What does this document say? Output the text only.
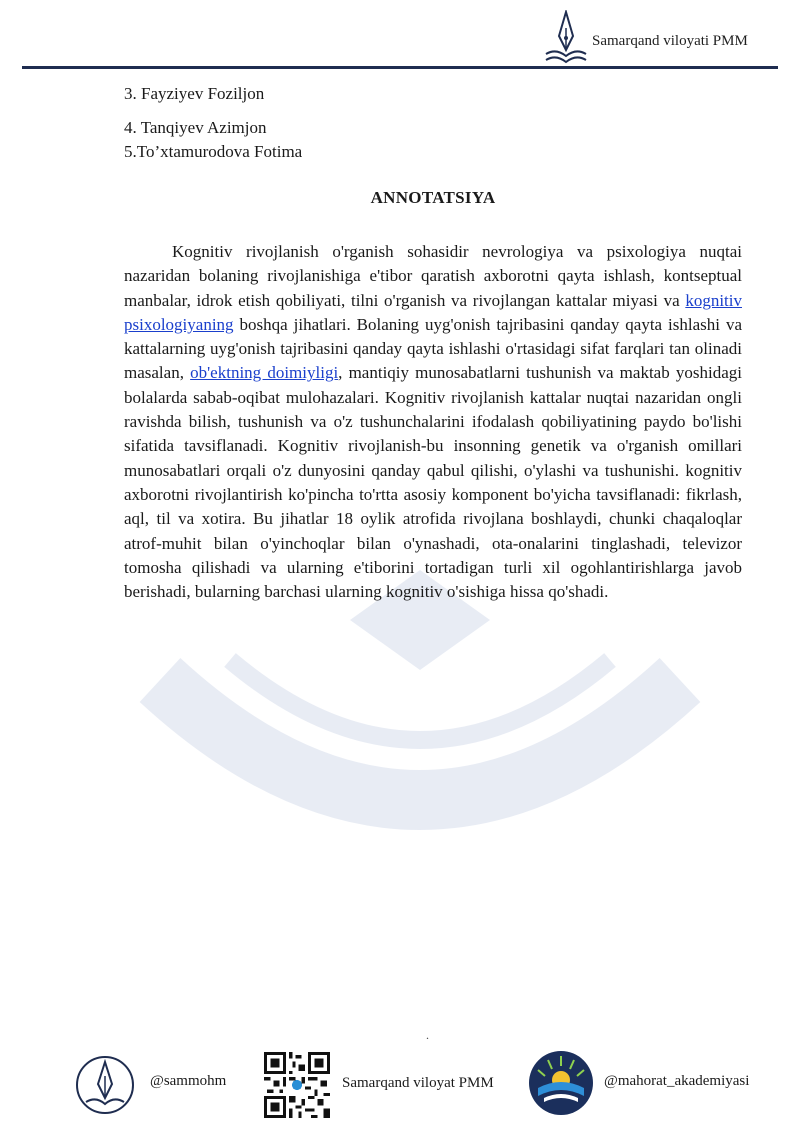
Samarqand viloyati PMM
3. Fayziyev Foziljon
4. Tanqiyev Azimjon
5.To’xtamurodova Fotima
ANNOTATSIYA
Kognitiv rivojlanish o'rganish sohasidir nevrologiya va psixologiya nuqtai nazaridan bolaning rivojlanishiga e'tibor qaratish axborotni qayta ishlash, kontseptual manbalar, idrok etish qobiliyati, tilni o'rganish va rivojlangan kattalar miyasi va kognitiv psixologiyaning boshqa jihatlari. Bolaning uyg'onish tajribasini qanday qayta ishlashi va kattalarning uyg'onish tajribasini qanday qayta ishlashi o'rtasidagi sifat farqlari tan olinadi masalan, ob'ektning doimiyligi, mantiqiy munosabatlarni tushunish va maktab yoshidagi bolalarda sabab-oqibat mulohazalari. Kognitiv rivojlanish kattalar nuqtai nazaridan ongli ravishda bilish, tushunish va o'z tushunchalarini ifodalash qobiliyatining paydo bo'lishi sifatida tavsiflanadi. Kognitiv rivojlanish-bu insonning genetik va o'rganish omillari munosabatlari orqali o'z dunyosini qanday qabul qilishi, o'ylashi va tushunishi. kognitiv axborotni rivojlantirish ko'pincha to'rtta asosiy komponent bo'yicha tavsiflanadi: fikrlash, aql, til va xotira. Bu jihatlar 18 oylik atrofida rivojlana boshlaydi, chunki chaqaloqlar atrof-muhit bilan o'yinchoqlar bilan o'ynashadi, ota-onalarini tinglashadi, televizor tomosha qilishadi va ularning e'tiborini tortadigan turli xil ogohlantirishlarga javob berishadi, bularning barchasi ularning kognitiv o'sishiga hissa qo'shadi.
.
@sammohm	Samarqand viloyat PMM	@mahorat_akademiyasi
